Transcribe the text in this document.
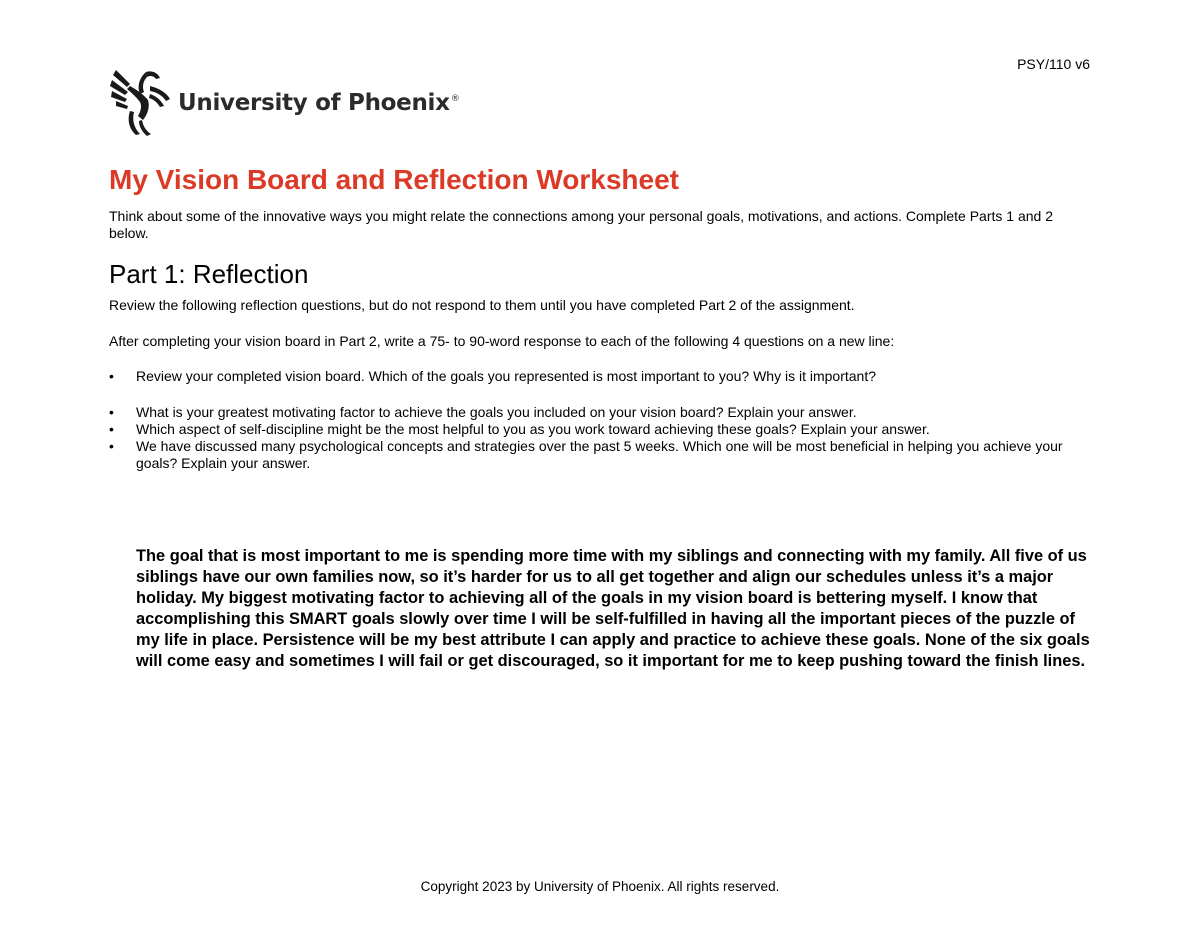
PSY/110 v6
University of Phoenix ®
My Vision Board and Reflection Worksheet

Think about some of the innovative ways you might relate the connections among your personal goals, motivations, and actions. Complete Parts 1 and 2 below.

Part 1: Reflection

Review the following reflection questions, but do not respond to them until you have completed Part 2 of the assignment.

After completing your vision board in Part 2, write a 75- to 90-word response to each of the following 4 questions on a new line:

• Review your completed vision board. Which of the goals you represented is most important to you? Why is it important?
• What is your greatest motivating factor to achieve the goals you included on your vision board? Explain your answer.
• Which aspect of self-discipline might be the most helpful to you as you work toward achieving these goals? Explain your answer.
• We have discussed many psychological concepts and strategies over the past 5 weeks. Which one will be most beneficial in helping you achieve your goals? Explain your answer.

The goal that is most important to me is spending more time with my siblings and connecting with my family. All five of us siblings have our own families now, so it’s harder for us to all get together and align our schedules unless it’s a major holiday. My biggest motivating factor to achieving all of the goals in my vision board is bettering myself. I know that accomplishing this SMART goals slowly over time I will be self-fulfilled in having all the important pieces of the puzzle of my life in place. Persistence will be my best attribute I can apply and practice to achieve these goals. None of the six goals will come easy and sometimes I will fail or get discouraged, so it important for me to keep pushing toward the finish lines.

Copyright 2023 by University of Phoenix. All rights reserved.
